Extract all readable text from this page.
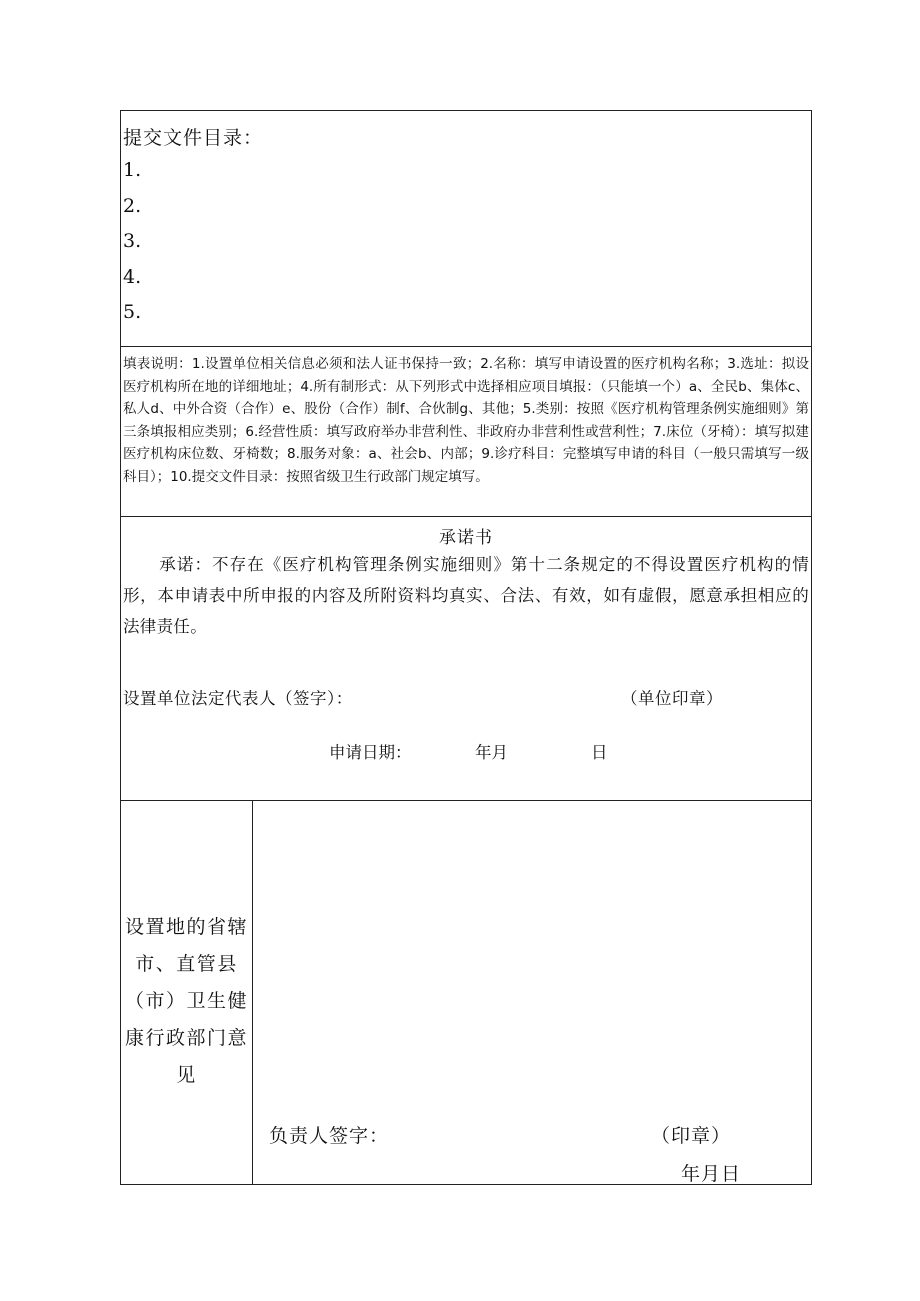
提交文件目录：
1.
2.
3.
4.
5.
填表说明：1.设置单位相关信息必须和法人证书保持一致；2.名称：填写申请设置的医疗机构名称；3.选址：拟设医疗机构所在地的详细地址；4.所有制形式：从下列形式中选择相应项目填报：（只能填一个）a、全民b、集体c、私人d、中外合资（合作）e、股份（合作）制f、合伙制g、其他；5.类别：按照《医疗机构管理条例实施细则》第三条填报相应类别；6.经营性质：填写政府举办非营利性、非政府办非营利性或营利性；7.床位（牙椅）：填写拟建医疗机构床位数、牙椅数；8.服务对象：a、社会b、内部；9.诊疗科目：完整填写申请的科目（一般只需填写一级科目）；10.提交文件目录：按照省级卫生行政部门规定填写。
承诺书
承诺：不存在《医疗机构管理条例实施细则》第十二条规定的不得设置医疗机构的情形，本申请表中所申报的内容及所附资料均真实、合法、有效，如有虚假，愿意承担相应的法律责任。
设置单位法定代表人（签字）：	（单位印章）
申请日期：	年月	日
设置地的省辖市、直管县（市）卫生健康行政部门意见
负责人签字：	（印章）
年月日
